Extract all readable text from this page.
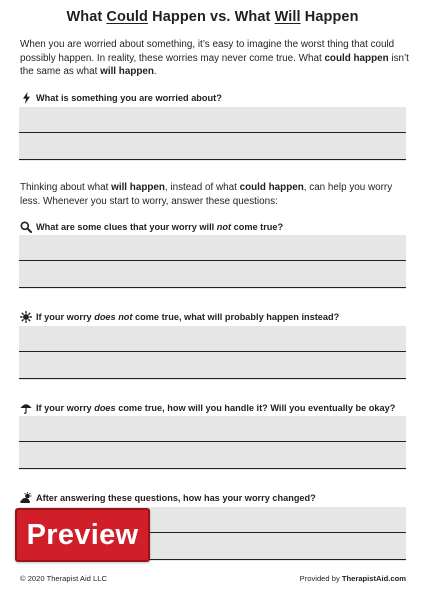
What Could Happen vs. What Will Happen
When you are worried about something, it’s easy to imagine the worst thing that could possibly happen. In reality, these worries may never come true. What could happen isn’t the same as what will happen.
What is something you are worried about?
Thinking about what will happen, instead of what could happen, can help you worry less. Whenever you start to worry, answer these questions:
What are some clues that your worry will not come true?
If your worry does not come true, what will probably happen instead?
If your worry does come true, how will you handle it? Will you eventually be okay?
After answering these questions, how has your worry changed?
Preview
© 2020 Therapist Aid LLC	Provided by TherapistAid.com
